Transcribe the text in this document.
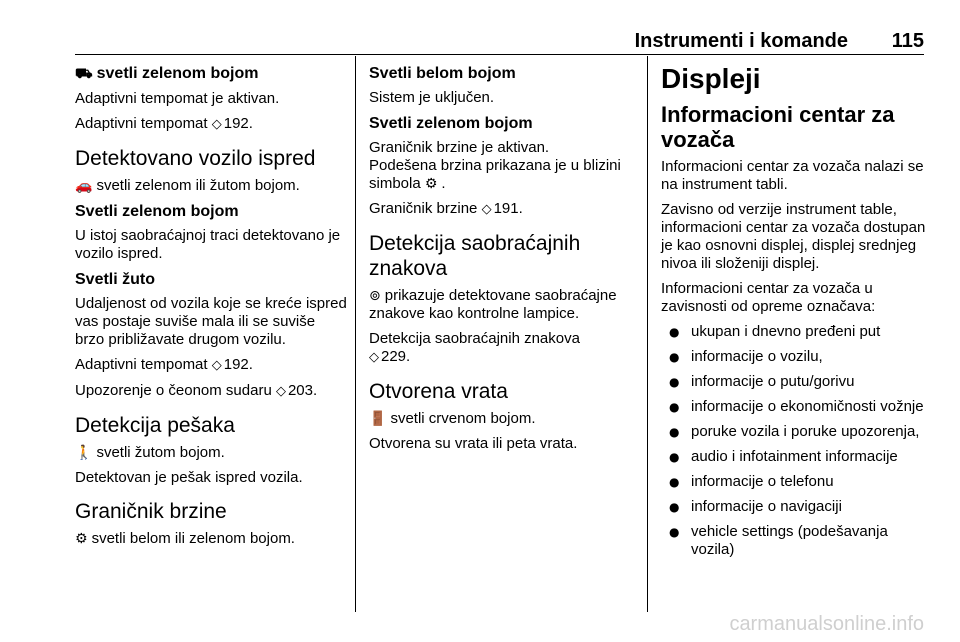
Instrumenti i komande 115
⛟ svetli zelenom bojom

Adaptivni tempomat je aktivan.

Adaptivni tempomat ◇ 192.

Detektovano vozilo ispred

🚗 svetli zelenom ili žutom bojom.

Svetli zelenom bojom

U istoj saobraćajnoj traci detektovano je vozilo ispred.

Svetli žuto

Udaljenost od vozila koje se kreće ispred vas postaje suviše mala ili se suviše brzo približavate drugom vozilu.

Adaptivni tempomat ◇ 192.

Upozorenje o čeonom sudaru ◇ 203.

Detekcija pešaka

🚶 svetli žutom bojom.

Detektovan je pešak ispred vozila.

Graničnik brzine

⚙ svetli belom ili zelenom bojom.

Svetli belom bojom

Sistem je uključen.

Svetli zelenom bojom

Graničnik brzine je aktivan.

Podešena brzina prikazana je u blizini simbola ⚙ .

Graničnik brzine ◇ 191.

Detekcija saobraćajnih znakova

⊚ prikazuje detektovane saobraćajne znakove kao kontrolne lampice.

Detekcija saobraćajnih znakova
◇ 229.

Otvorena vrata

🚪 svetli crvenom bojom.

Otvorena su vrata ili peta vrata.

Displeji
Informacioni centar za vozača

Informacioni centar za vozača nalazi se na instrument tabli.

Zavisno od verzije instrument table, informacioni centar za vozača dostupan je kao osnovni displej, displej srednjeg nivoa ili složeniji displej.

Informacioni centar za vozača u zavisnosti od opreme označava:

● ukupan i dnevno pređeni put
● informacije o vozilu,
● informacije o putu/gorivu
● informacije o ekonomičnosti vožnje
● poruke vozila i poruke upozorenja,
● audio i infotainment informacije
● informacije o telefonu
● informacije o navigaciji
● vehicle settings (podešavanja vozila)
carmanualsonline.info
